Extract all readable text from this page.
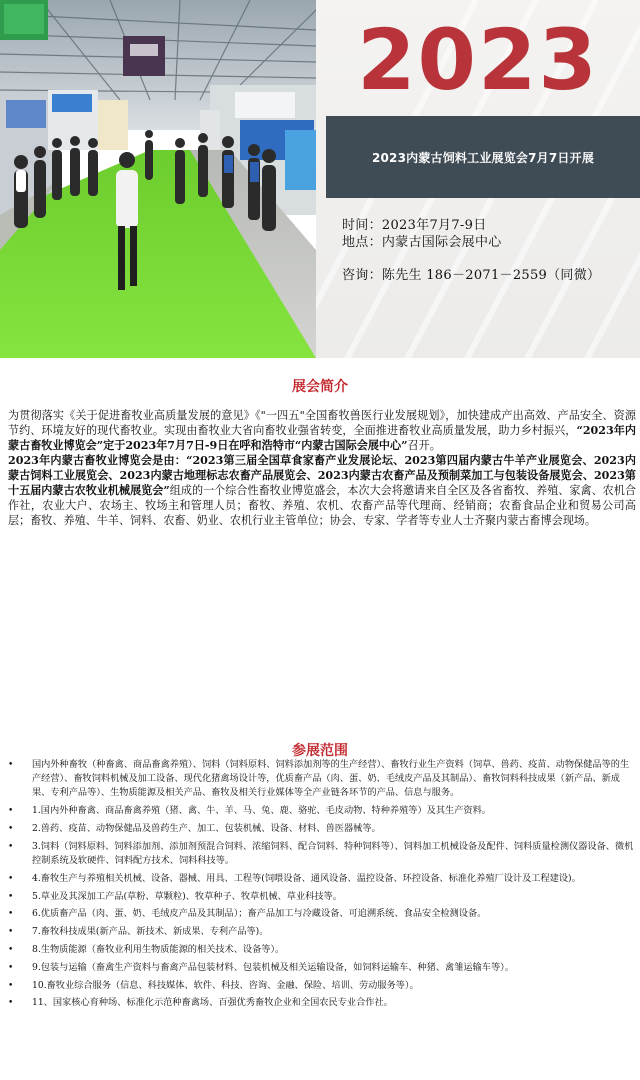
2023
2023内蒙古饲料工业展览会7月7日开展
时间：2023年7月7-9日
地点：内蒙古国际会展中心
咨询：陈先生 186－2071－2559（同微）
展会简介

为贯彻落实《关于促进畜牧业高质量发展的意见》《"一四五"全国畜牧兽医行业发展规划》，加快建成产出高效、产品安全、资源节约、环境友好的现代畜牧业。实现由畜牧业大省向畜牧业强省转变，全面推进畜牧业高质量发展，助力乡村振兴，“2023年内蒙古畜牧业博览会”定于2023年7月7日-9日在呼和浩特市“内蒙古国际会展中心”召开。

2023年内蒙古畜牧业博览会是由：“2023第三届全国草食家畜产业发展论坛、2023第四届内蒙古牛羊产业展览会、2023内蒙古饲料工业展览会、2023内蒙古地理标志农畜产品展览会、2023内蒙古农畜产品及预制菜加工与包装设备展览会、2023第十五届内蒙古农牧业机械展览会”组成的一个综合性畜牧业博览盛会，本次大会将邀请来自全区及各省畜牧、养殖、家禽、农机合作社，农业大户、农场主、牧场主和管理人员；畜牧、养殖、农机、农畜产品等代理商、经销商；农畜食品企业和贸易公司高层；畜牧、养殖、牛羊、饲料、农畜、奶业、农机行业主管单位；协会、专家、学者等专业人士齐聚内蒙古畜博会现场。

参展范围
• 国内外种畜牧（种畜禽、商品畜禽养殖）、饲料（饲料原料、饲料添加剂等的生产经营）、畜牧行业生产资料（饲草、兽药、疫苗、动物保健品等的生产经营）、畜牧饲料机械及加工设备、现代化猪禽场设计等，优质畜产品（肉、蛋、奶、毛绒皮产品及其制品）、畜牧饲料科技成果（新产品、新成果、专利产品等）、生物质能源及相关产品、畜牧及相关行业媒体等全产业链各环节的产品、信息与服务。
• 1.国内外种畜禽、商品畜禽养殖（猪、禽、牛、羊、马、兔、鹿、骆驼、毛皮动物、特种养殖等）及其生产资料。
• 2.兽药、疫苗、动物保健品及兽药生产、加工、包装机械、设备、材料、兽医器械等。
• 3.饲料（饲料原料、饲料添加剂、添加剂预混合饲料、浓缩饲料、配合饲料、特种饲料等）、饲料加工机械设备及配件、饲料质量检测仪器设备、微机控制系统及软硬件、饲料配方技术、饲料科技等。
• 4.畜牧生产与养殖相关机械、设备、器械、用具、工程等(饲喂设备、通风设备、温控设备、环控设备、标准化养殖厂设计及工程建设)。
• 5.草业及其深加工产品(草粉、草颗粒)、牧草种子、牧草机械、草业科技等。
• 6.优质畜产品（肉、蛋、奶、毛绒皮产品及其制品）；畜产品加工与冷藏设备、可追溯系统、食品安全检测设备。
• 7.畜牧科技成果(新产品、新技术、新成果、专利产品等)。
• 8.生物质能源（畜牧业利用生物质能源的相关技术、设备等）。
• 9.包装与运输（畜禽生产资料与畜禽产品包装材料、包装机械及相关运输设备，如饲料运输车、种猪、禽雏运输车等）。
• 10.畜牧业综合服务（信息、科技媒体、软件、科技、咨询、金融、保险、培训、劳动服务等）。
• 11、国家核心育种场、标准化示范种畜禽场、百强优秀畜牧企业和全国农民专业合作社。
